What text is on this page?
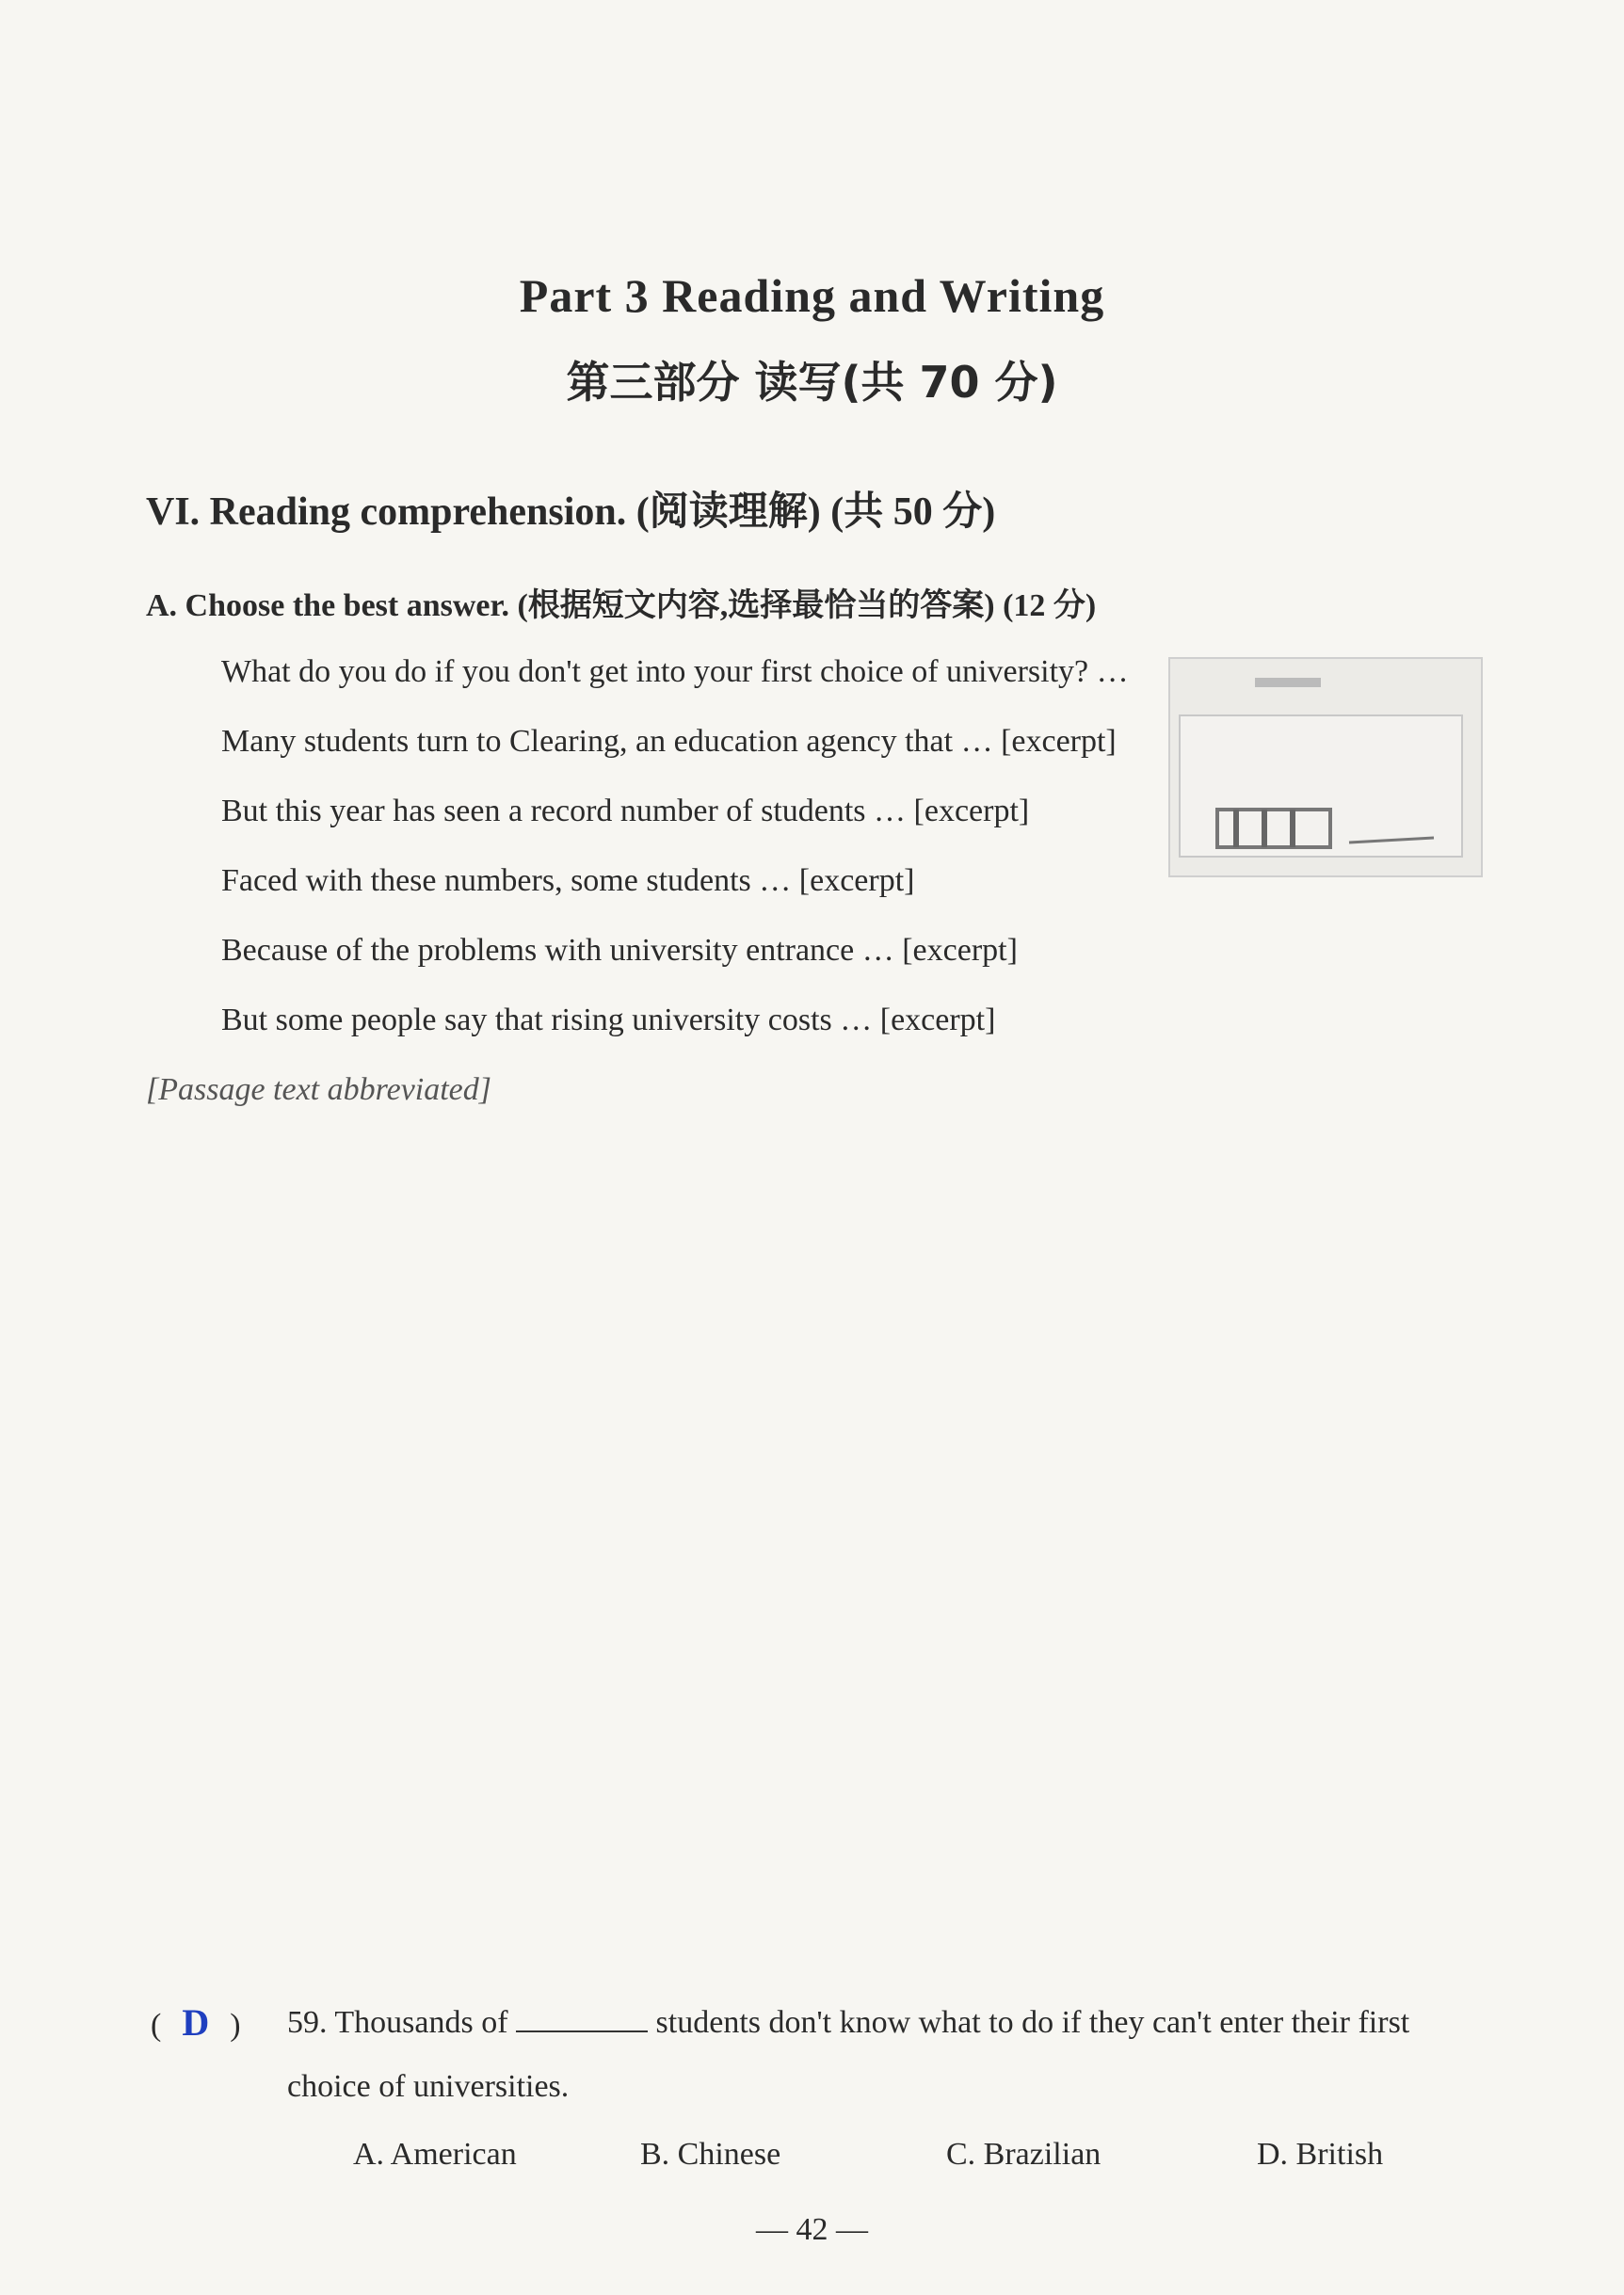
Part 3 Reading and Writing
第三部分 读写(共 70 分)
VI. Reading comprehension. (阅读理解) (共 50 分)
A. Choose the best answer. (根据短文内容,选择最恰当的答案) (12 分)

What do you do if you don't get into your first choice of university? …

Many students turn to Clearing, an education agency that … [excerpt]

But this year has seen a record number of students … [excerpt]

Faced with these numbers, some students … [excerpt]

Because of the problems with university entrance … [excerpt]

But some people say that rising university costs … [excerpt]

[Passage text abbreviated]

( D )	59. Thousands of	students don't know what to do if they can't enter their first choice of universities.
A. American	B. Chinese	C. Brazilian	D. British
— 42 —
